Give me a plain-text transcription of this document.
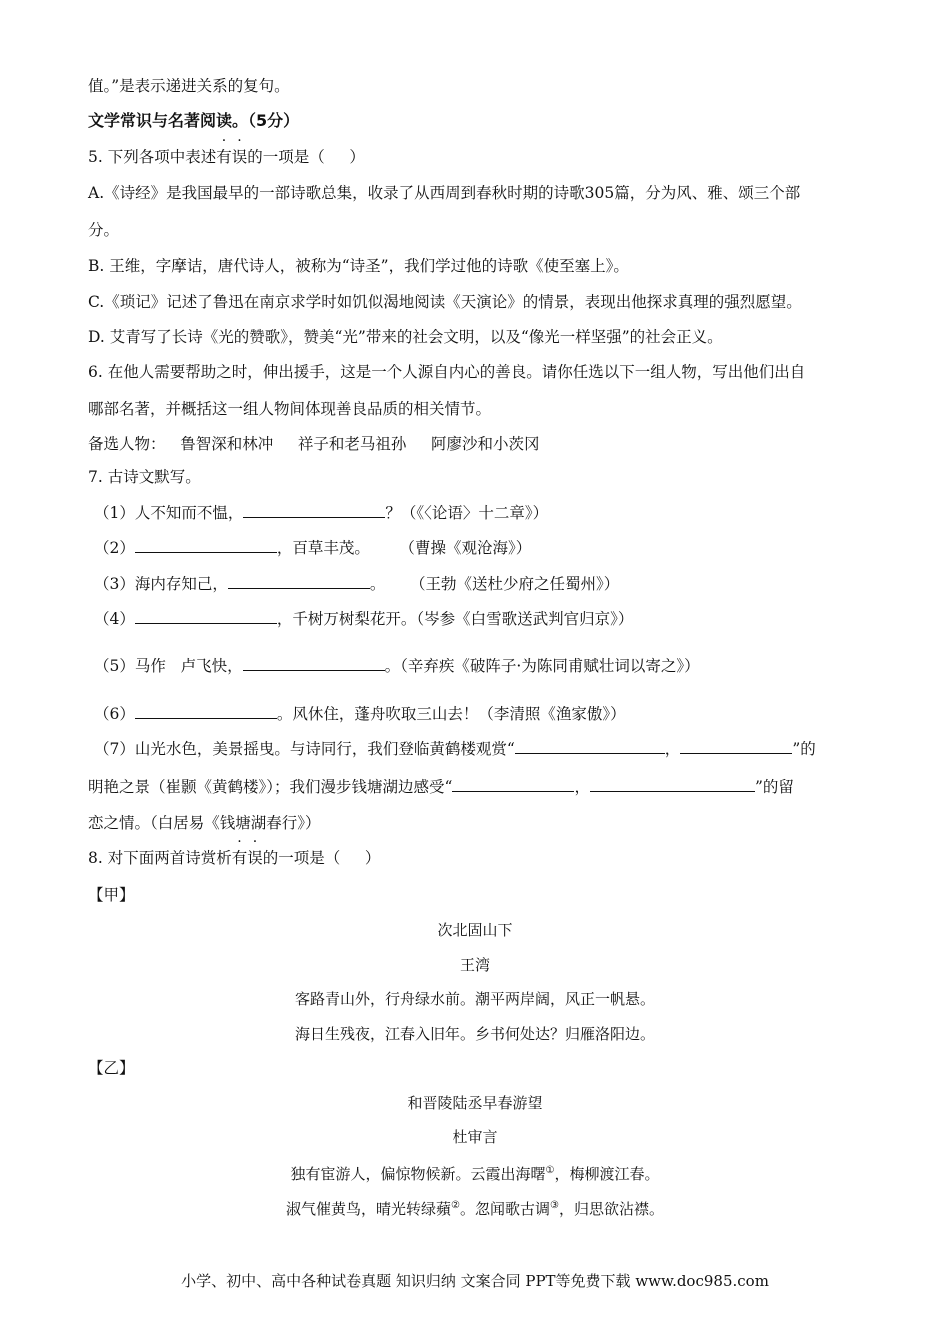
值。”是表示递进关系的复句。
文学常识与名著阅读。（5分）
5. 下列各项中表述有误的一项是（     ）
A.《诗经》是我国最早的一部诗歌总集，收录了从西周到春秋时期的诗歌305篇，分为风、雅、颂三个部
分。
B. 王维，字摩诘，唐代诗人，被称为“诗圣”，我们学过他的诗歌《使至塞上》。
C.《琐记》记述了鲁迅在南京求学时如饥似渴地阅读《天演论》的情景，表现出他探求真理的强烈愿望。
D. 艾青写了长诗《光的赞歌》，赞美“光”带来的社会文明，以及“像光一样坚强”的社会正义。
6. 在他人需要帮助之时，伸出援手，这是一个人源自内心的善良。请你任选以下一组人物，写出他们出自
哪部名著，并概括这一组人物间体现善良品质的相关情节。
备选人物：   鲁智深和林冲     祥子和老马祖孙     阿廖沙和小茨冈
7. 古诗文默写。
（1）人不知而不愠，	？（《〈论语〉十二章》）
（2）	，百草丰茂。      （曹操《观沧海》）
（3）海内存知己，	。     （王勃《送杜少府之任蜀州》）
（4）	，千树万树梨花开。（岑参《白雪歌送武判官归京》）
（5）马作   卢飞快，	。（辛弃疾《破阵子·为陈同甫赋壮词以寄之》）
（6）	。风休住，蓬舟吹取三山去！（李清照《渔家傲》）
（7）山光水色，美景摇曳。与诗同行，我们登临黄鹤楼观赏“	，	”的
明艳之景（崔颢《黄鹤楼》）；我们漫步钱塘湖边感受“	，	”的留
恋之情。（白居易《钱塘湖春行》）
8. 对下面两首诗赏析有误的一项是（     ）
【甲】
次北固山下
王湾
客路青山外，行舟绿水前。潮平两岸阔，风正一帆悬。
海日生残夜，江春入旧年。乡书何处达？归雁洛阳边。
【乙】
和晋陵陆丞早春游望
杜审言
独有宦游人，偏惊物候新。云霞出海曙①，梅柳渡江春。
淑气催黄鸟，晴光转绿蘋②。忽闻歌古调③，归思欲沾襟。
小学、初中、高中各种试卷真题 知识归纳 文案合同 PPT等免费下载 www.doc985.com
